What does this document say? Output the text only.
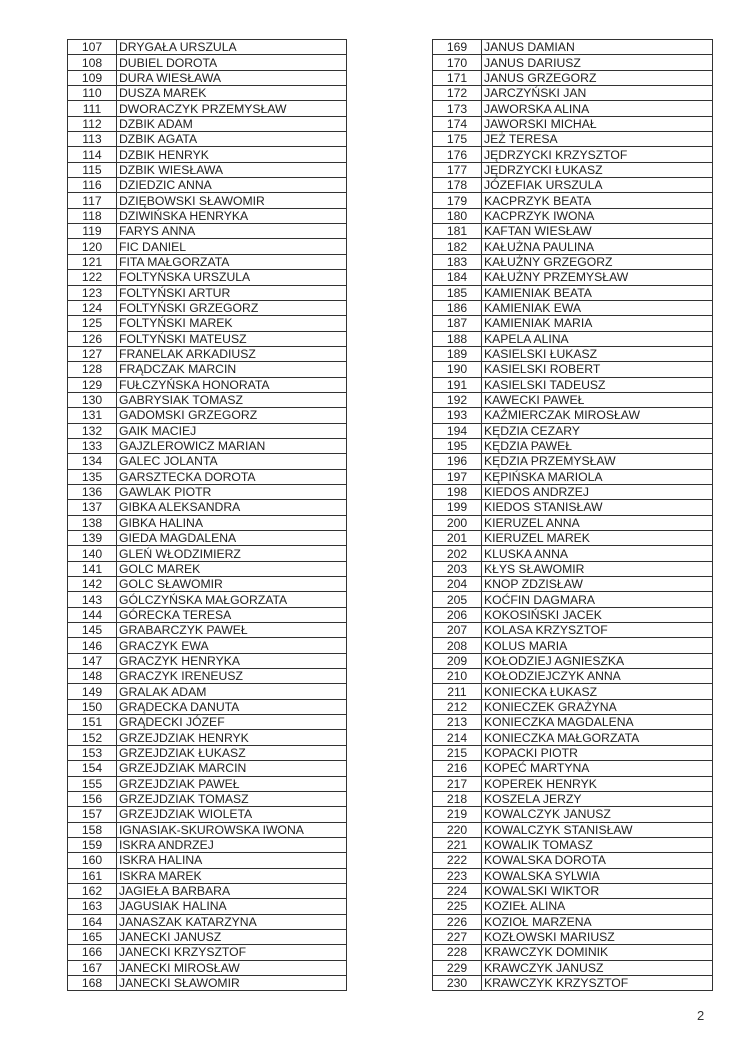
107	DRYGAŁA URSZULA
108	DUBIEL DOROTA
109	DURA WIESŁAWA
110	DUSZA MAREK
111	DWORACZYK PRZEMYSŁAW
112	DZBIK ADAM
113	DZBIK AGATA
114	DZBIK HENRYK
115	DZBIK WIESŁAWA
116	DZIEDZIC ANNA
117	DZIĘBOWSKI SŁAWOMIR
118	DZIWIŃSKA HENRYKA
119	FARYS ANNA
120	FIC DANIEL
121	FITA MAŁGORZATA
122	FOLTYŃSKA URSZULA
123	FOLTYŃSKI ARTUR
124	FOLTYŃSKI GRZEGORZ
125	FOLTYŃSKI MAREK
126	FOLTYŃSKI MATEUSZ
127	FRANELAK ARKADIUSZ
128	FRĄDCZAK MARCIN
129	FUŁCZYŃSKA HONORATA
130	GABRYSIAK TOMASZ
131	GADOMSKI GRZEGORZ
132	GAIK MACIEJ
133	GAJZLEROWICZ MARIAN
134	GALEC JOLANTA
135	GARSZTECKA DOROTA
136	GAWLAK PIOTR
137	GIBKA ALEKSANDRA
138	GIBKA HALINA
139	GIEDA MAGDALENA
140	GLEŃ WŁODZIMIERZ
141	GOLC MAREK
142	GOLC SŁAWOMIR
143	GÓLCZYŃSKA MAŁGORZATA
144	GÓRECKA TERESA
145	GRABARCZYK PAWEŁ
146	GRACZYK EWA
147	GRACZYK HENRYKA
148	GRACZYK IRENEUSZ
149	GRALAK ADAM
150	GRĄDECKA DANUTA
151	GRĄDECKI JÓZEF
152	GRZEJDZIAK HENRYK
153	GRZEJDZIAK ŁUKASZ
154	GRZEJDZIAK MARCIN
155	GRZEJDZIAK PAWEŁ
156	GRZEJDZIAK TOMASZ
157	GRZEJDZIAK WIOLETA
158	IGNASIAK-SKUROWSKA IWONA
159	ISKRA ANDRZEJ
160	ISKRA HALINA
161	ISKRA MAREK
162	JAGIEŁA BARBARA
163	JAGUSIAK HALINA
164	JANASZAK KATARZYNA
165	JANECKI JANUSZ
166	JANECKI KRZYSZTOF
167	JANECKI MIROSŁAW
168	JANECKI SŁAWOMIR
169	JANUS DAMIAN
170	JANUS DARIUSZ
171	JANUS GRZEGORZ
172	JARCZYŃSKI JAN
173	JAWORSKA ALINA
174	JAWORSKI MICHAŁ
175	JEŻ TERESA
176	JĘDRZYCKI KRZYSZTOF
177	JĘDRZYCKI ŁUKASZ
178	JÓZEFIAK URSZULA
179	KACPRZYK BEATA
180	KACPRZYK IWONA
181	KAFTAN WIESŁAW
182	KAŁUŻNA PAULINA
183	KAŁUŻNY GRZEGORZ
184	KAŁUŻNY PRZEMYSŁAW
185	KAMIENIAK BEATA
186	KAMIENIAK EWA
187	KAMIENIAK MARIA
188	KAPELA ALINA
189	KASIELSKI ŁUKASZ
190	KASIELSKI ROBERT
191	KASIELSKI TADEUSZ
192	KAWECKI PAWEŁ
193	KAŹMIERCZAK MIROSŁAW
194	KĘDZIA CEZARY
195	KĘDZIA PAWEŁ
196	KĘDZIA PRZEMYSŁAW
197	KĘPIŃSKA MARIOLA
198	KIEDOS ANDRZEJ
199	KIEDOS STANISŁAW
200	KIERUZEL ANNA
201	KIERUZEL MAREK
202	KLUSKA ANNA
203	KŁYS SŁAWOMIR
204	KNOP ZDZISŁAW
205	KOĆFIN DAGMARA
206	KOKOSIŃSKI JACEK
207	KOLASA KRZYSZTOF
208	KOLUS MARIA
209	KOŁODZIEJ AGNIESZKA
210	KOŁODZIEJCZYK ANNA
211	KONIECKA ŁUKASZ
212	KONIECZEK GRAŻYNA
213	KONIECZKA MAGDALENA
214	KONIECZKA MAŁGORZATA
215	KOPACKI PIOTR
216	KOPEĆ MARTYNA
217	KOPEREK HENRYK
218	KOSZELA JERZY
219	KOWALCZYK JANUSZ
220	KOWALCZYK STANISŁAW
221	KOWALIK TOMASZ
222	KOWALSKA DOROTA
223	KOWALSKA SYLWIA
224	KOWALSKI WIKTOR
225	KOZIEŁ ALINA
226	KOZIOŁ MARZENA
227	KOZŁOWSKI MARIUSZ
228	KRAWCZYK DOMINIK
229	KRAWCZYK JANUSZ
230	KRAWCZYK KRZYSZTOF
2
